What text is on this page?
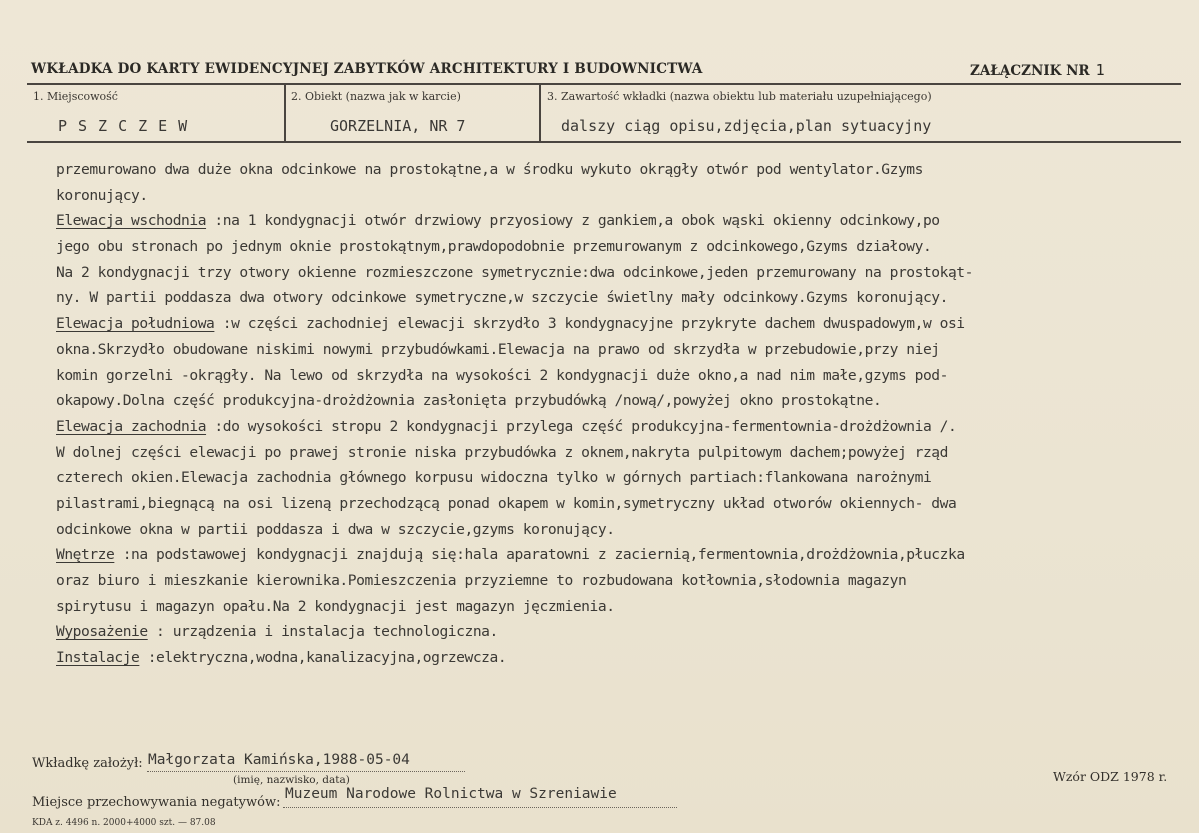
WKŁADKA DO KARTY EWIDENCYJNEJ ZABYTKÓW ARCHITEKTURY I BUDOWNICTWA	ZAŁĄCZNIK NR 1
1. Miejscowość	2. Obiekt (nazwa jak w karcie)	3. Zawartość wkładki (nazwa obiektu lub materiału uzupełniającego)
PSZCZEW	GORZELNIA, NR 7	dalszy ciąg opisu,zdjęcia,plan sytuacyjny
przemurowano dwa duże okna odcinkowe na prostokątne,a w środku wykuto okrągły otwór pod wentylator.Gzyms
koronujący.
Elewacja wschodnia :na 1 kondygnacji otwór drzwiowy przyosiowy z gankiem,a obok wąski okienny odcinkowy,po
jego obu stronach po jednym oknie prostokątnym,prawdopodobnie przemurowanym z odcinkowego,Gzyms działowy.
Na 2 kondygnacji trzy otwory okienne rozmieszczone symetrycznie:dwa odcinkowe,jeden przemurowany na prostokąt-
ny. W partii poddasza dwa otwory odcinkowe symetryczne,w szczycie świetlny mały odcinkowy.Gzyms koronujący.
Elewacja południowa :w części zachodniej elewacji skrzydło 3 kondygnacyjne przykryte dachem dwuspadowym,w osi
okna.Skrzydło obudowane niskimi nowymi przybudówkami.Elewacja na prawo od skrzydła w przebudowie,przy niej
komin gorzelni -okrągły. Na lewo od skrzydła na wysokości 2 kondygnacji duże okno,a nad nim małe,gzyms pod-
okapowy.Dolna część produkcyjna-drożdżownia zasłonięta przybudówką /nową/,powyżej okno prostokątne.
Elewacja zachodnia :do wysokości stropu 2 kondygnacji przylega część produkcyjna-fermentownia-drożdżownia /.
W dolnej części elewacji po prawej stronie niska przybudówka z oknem,nakryta pulpitowym dachem;powyżej rząd
czterech okien.Elewacja zachodnia głównego korpusu widoczna tylko w górnych partiach:flankowana narożnymi
pilastrami,biegnącą na osi lizeną przechodzącą ponad okapem w komin,symetryczny układ otworów okiennych- dwa
odcinkowe okna w partii poddasza i dwa w szczycie,gzyms koronujący.
Wnętrze :na podstawowej kondygnacji znajdują się:hala aparatowni z zaciernią,fermentownia,drożdżownia,płuczka
oraz biuro i mieszkanie kierownika.Pomieszczenia przyziemne to rozbudowana kotłownia,słodownia magazyn
spirytusu i magazyn opału.Na 2 kondygnacji jest magazyn jęczmienia.
Wyposażenie : urządzenia i instalacja technologiczna.
Instalacje :elektryczna,wodna,kanalizacyjna,ogrzewcza.
Wkładkę założył: Małgorzata Kamińska,1988-05-04
(imię, nazwisko, data)	Wzór ODZ 1978 r.
Miejsce przechowywania negatywów:
Muzeum Narodowe Rolnictwa w Szreniawie
KDA z. 4496 n. 2000+4000 szt. — 87.08
